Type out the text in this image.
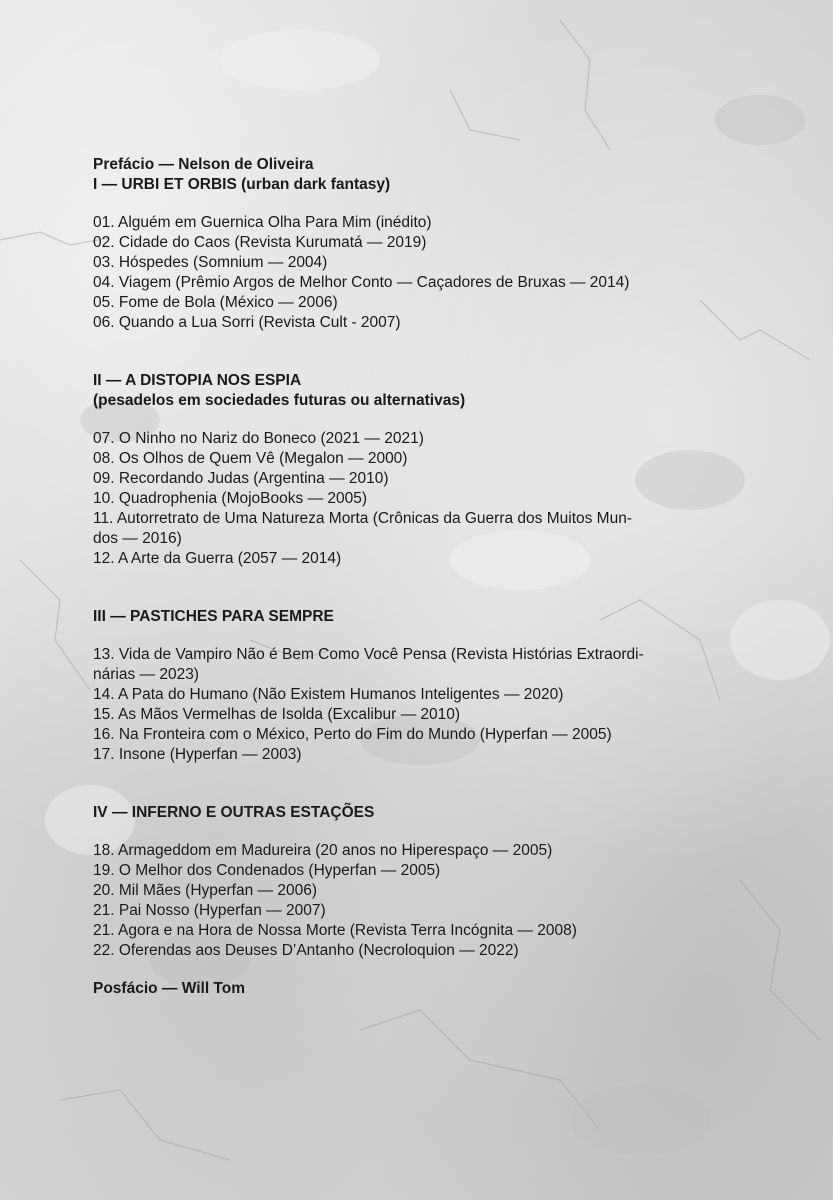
Prefácio — Nelson de Oliveira
I — URBI ET ORBIS (urban dark fantasy)
01. Alguém em Guernica Olha Para Mim (inédito)
02. Cidade do Caos (Revista Kurumatá — 2019)
03. Hóspedes (Somnium — 2004)
04. Viagem (Prêmio Argos de Melhor Conto — Caçadores de Bruxas — 2014)
05. Fome de Bola (México — 2006)
06. Quando a Lua Sorri (Revista Cult - 2007)
II — A DISTOPIA NOS ESPIA
(pesadelos em sociedades futuras ou alternativas)
07. O Ninho no Nariz do Boneco (2021 — 2021)
08. Os Olhos de Quem Vê (Megalon — 2000)
09. Recordando Judas (Argentina — 2010)
10. Quadrophenia (MojoBooks — 2005)
11. Autorretrato de Uma Natureza Morta (Crônicas da Guerra dos Muitos Mun-
dos — 2016)
12. A Arte da Guerra (2057 — 2014)
III — PASTICHES PARA SEMPRE
13. Vida de Vampiro Não é Bem Como Você Pensa (Revista Histórias Extraordi-
nárias — 2023)
14. A Pata do Humano (Não Existem Humanos Inteligentes — 2020)
15. As Mãos Vermelhas de Isolda (Excalibur — 2010)
16. Na Fronteira com o México, Perto do Fim do Mundo (Hyperfan — 2005)
17. Insone (Hyperfan — 2003)
IV — INFERNO E OUTRAS ESTAÇÕES
18. Armageddom em Madureira (20 anos no Hiperespaço — 2005)
19. O Melhor dos Condenados (Hyperfan — 2005)
20. Mil Mães (Hyperfan — 2006)
21. Pai Nosso (Hyperfan — 2007)
21. Agora e na Hora de Nossa Morte (Revista Terra Incógnita — 2008)
22. Oferendas aos Deuses D’Antanho (Necroloquion — 2022)
Posfácio — Will Tom
